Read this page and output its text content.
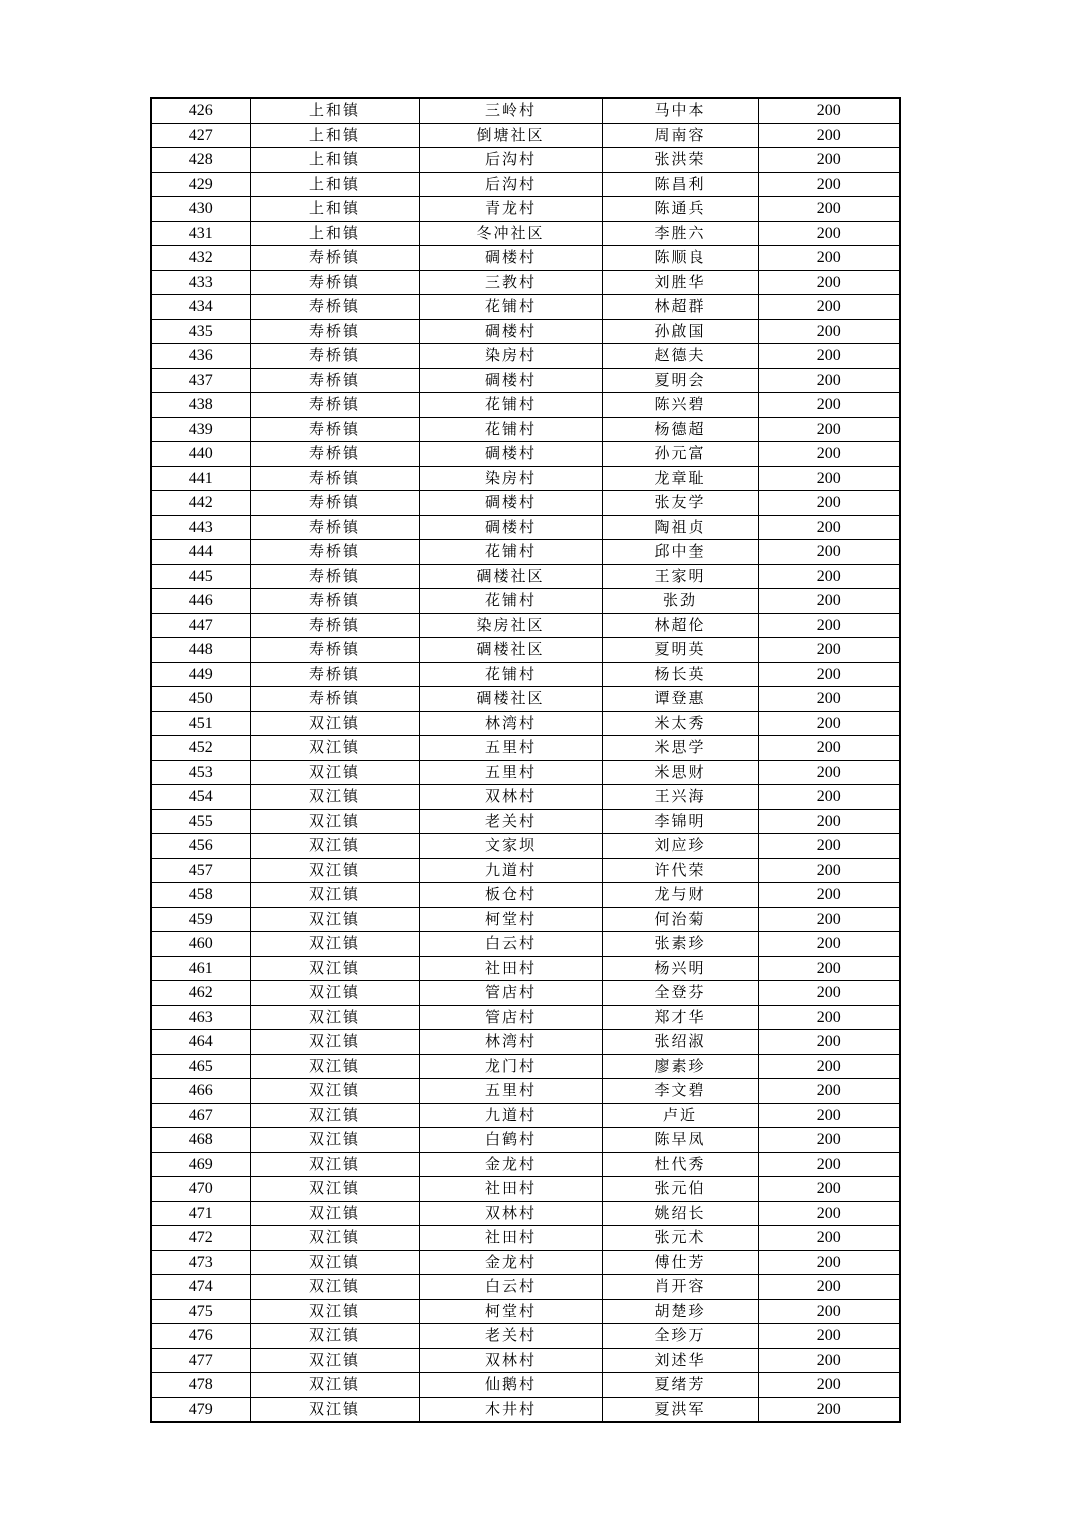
426	上和镇	三岭村	马中本	200
427	上和镇	倒塘社区	周南容	200
428	上和镇	后沟村	张洪荣	200
429	上和镇	后沟村	陈昌利	200
430	上和镇	青龙村	陈通兵	200
431	上和镇	冬冲社区	李胜六	200
432	寿桥镇	碉楼村	陈顺良	200
433	寿桥镇	三教村	刘胜华	200
434	寿桥镇	花铺村	林超群	200
435	寿桥镇	碉楼村	孙啟国	200
436	寿桥镇	染房村	赵德夫	200
437	寿桥镇	碉楼村	夏明会	200
438	寿桥镇	花铺村	陈兴碧	200
439	寿桥镇	花铺村	杨德超	200
440	寿桥镇	碉楼村	孙元富	200
441	寿桥镇	染房村	龙章耻	200
442	寿桥镇	碉楼村	张友学	200
443	寿桥镇	碉楼村	陶祖贞	200
444	寿桥镇	花铺村	邱中奎	200
445	寿桥镇	碉楼社区	王家明	200
446	寿桥镇	花铺村	张劲	200
447	寿桥镇	染房社区	林超伦	200
448	寿桥镇	碉楼社区	夏明英	200
449	寿桥镇	花铺村	杨长英	200
450	寿桥镇	碉楼社区	谭登惠	200
451	双江镇	林湾村	米太秀	200
452	双江镇	五里村	米思学	200
453	双江镇	五里村	米思财	200
454	双江镇	双林村	王兴海	200
455	双江镇	老关村	李锦明	200
456	双江镇	文家坝	刘应珍	200
457	双江镇	九道村	许代荣	200
458	双江镇	板仓村	龙与财	200
459	双江镇	柯堂村	何治菊	200
460	双江镇	白云村	张素珍	200
461	双江镇	社田村	杨兴明	200
462	双江镇	管店村	全登芬	200
463	双江镇	管店村	郑才华	200
464	双江镇	林湾村	张绍淑	200
465	双江镇	龙门村	廖素珍	200
466	双江镇	五里村	李文碧	200
467	双江镇	九道村	卢近	200
468	双江镇	白鹤村	陈早凤	200
469	双江镇	金龙村	杜代秀	200
470	双江镇	社田村	张元伯	200
471	双江镇	双林村	姚绍长	200
472	双江镇	社田村	张元术	200
473	双江镇	金龙村	傅仕芳	200
474	双江镇	白云村	肖开容	200
475	双江镇	柯堂村	胡楚珍	200
476	双江镇	老关村	全珍万	200
477	双江镇	双林村	刘述华	200
478	双江镇	仙鹅村	夏绪芳	200
479	双江镇	木井村	夏洪军	200
